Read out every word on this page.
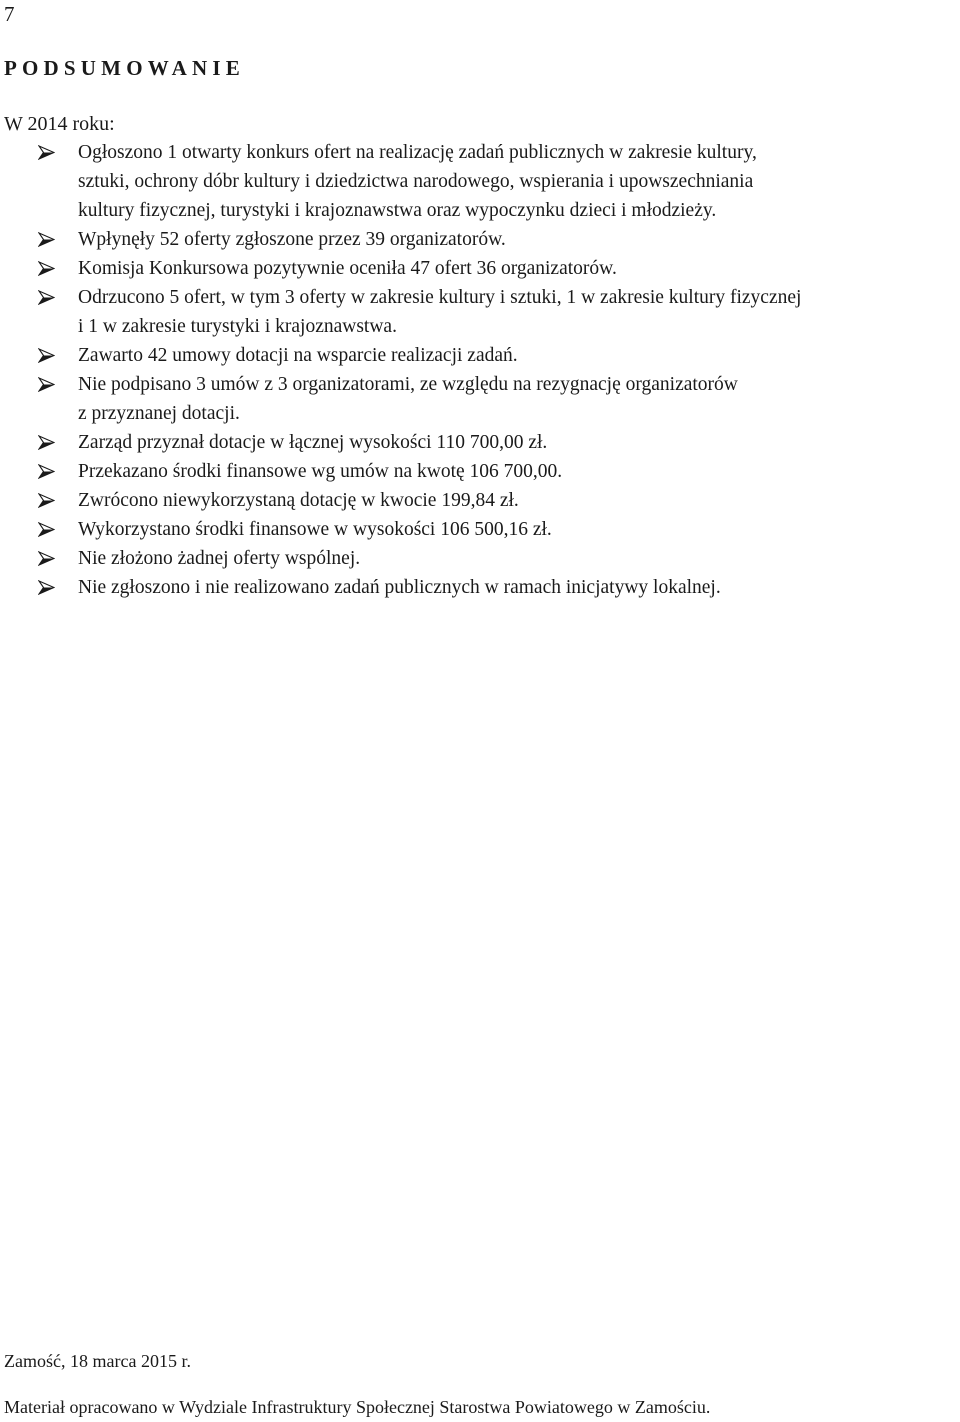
7
PODSUMOWANIE
W 2014 roku:
Ogłoszono 1 otwarty konkurs ofert na realizację zadań publicznych w zakresie kultury,
sztuki, ochrony dóbr kultury i dziedzictwa narodowego, wspierania i upowszechniania
kultury fizycznej, turystyki i krajoznawstwa oraz wypoczynku dzieci i młodzieży.
Wpłynęły 52 oferty zgłoszone przez 39 organizatorów.
Komisja Konkursowa pozytywnie oceniła 47 ofert 36 organizatorów.
Odrzucono 5 ofert, w tym 3 oferty w zakresie kultury i sztuki, 1 w zakresie kultury fizycznej
i 1 w zakresie turystyki i krajoznawstwa.
Zawarto 42 umowy dotacji na wsparcie realizacji zadań.
Nie podpisano 3 umów z 3 organizatorami, ze względu na rezygnację organizatorów
z przyznanej dotacji.
Zarząd przyznał dotacje w łącznej wysokości 110 700,00 zł.
Przekazano środki finansowe wg umów na kwotę 106 700,00.
Zwrócono niewykorzystaną dotację w kwocie 199,84 zł.
Wykorzystano środki finansowe w wysokości 106 500,16 zł.
Nie złożono żadnej oferty wspólnej.
Nie zgłoszono i nie realizowano zadań publicznych w ramach inicjatywy lokalnej.
Zamość, 18 marca 2015 r.
Materiał opracowano w Wydziale Infrastruktury Społecznej Starostwa Powiatowego w Zamościu.
